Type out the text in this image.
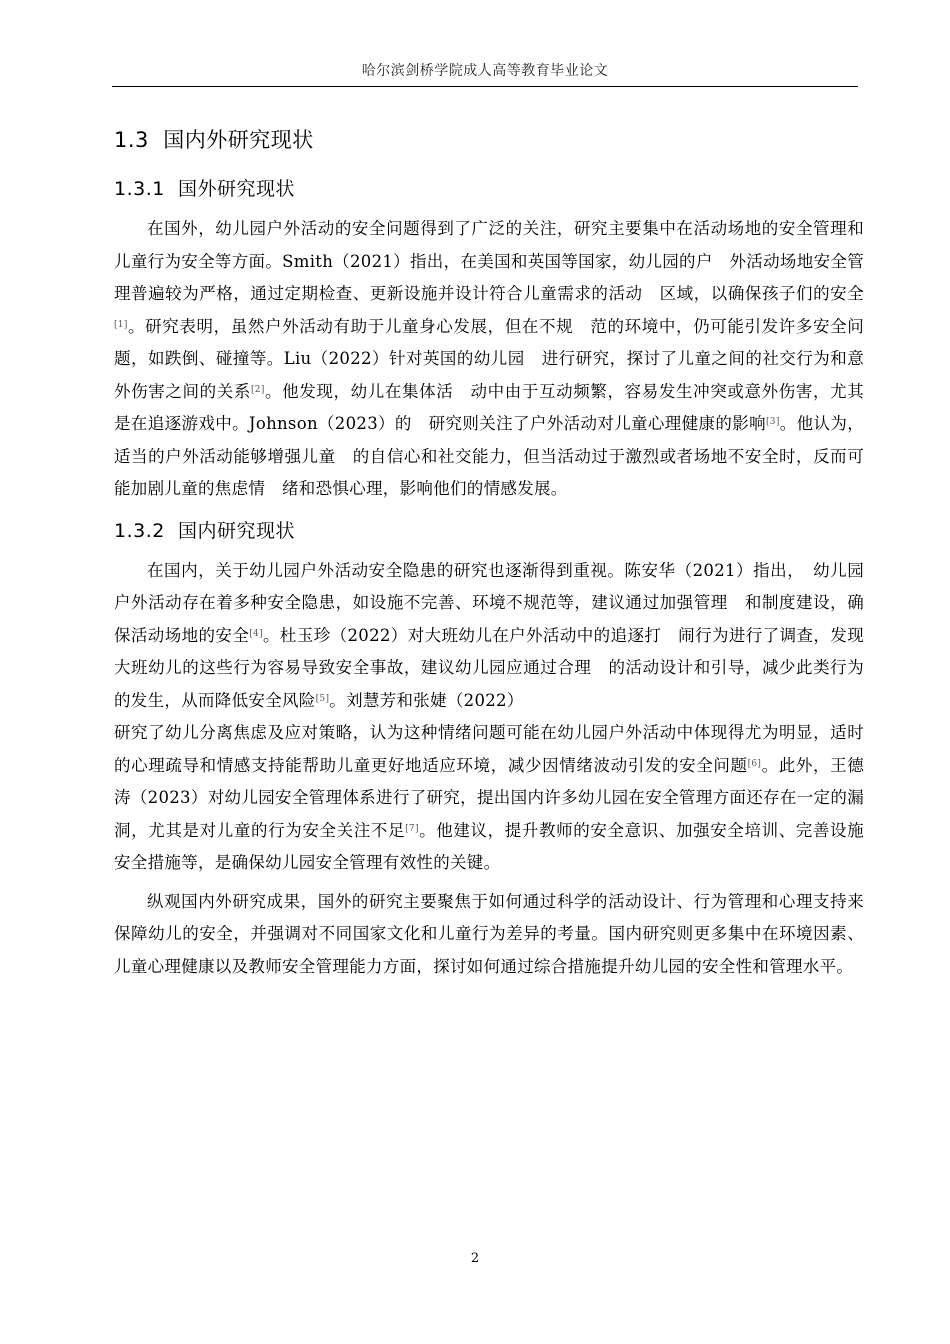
哈尔滨剑桥学院成人高等教育毕业论文
1.3 国内外研究现状
1.3.1 国外研究现状

在国外，幼儿园户外活动的安全问题得到了广泛的关注，研究主要集中在活动场地的安全管理和儿童行为安全等方面。Smith（2021）指出，在美国和英国等国家，幼儿园的户　外活动场地安全管理普遍较为严格，通过定期检查、更新设施并设计符合儿童需求的活动　区域，以确保孩子们的安全[1]。研究表明，虽然户外活动有助于儿童身心发展，但在不规　范的环境中，仍可能引发许多安全问题，如跌倒、碰撞等。Liu（2022）针对英国的幼儿园　进行研究，探讨了儿童之间的社交行为和意外伤害之间的关系[2]。他发现，幼儿在集体活　动中由于互动频繁，容易发生冲突或意外伤害，尤其是在追逐游戏中。Johnson（2023）的　研究则关注了户外活动对儿童心理健康的影响[3]。他认为，适当的户外活动能够增强儿童　的自信心和社交能力，但当活动过于激烈或者场地不安全时，反而可能加剧儿童的焦虑情　绪和恐惧心理，影响他们的情感发展。

1.3.2 国内研究现状

在国内，关于幼儿园户外活动安全隐患的研究也逐渐得到重视。陈安华（2021）指出，　幼儿园户外活动存在着多种安全隐患，如设施不完善、环境不规范等，建议通过加强管理　和制度建设，确保活动场地的安全[4]。杜玉珍（2022）对大班幼儿在户外活动中的追逐打　闹行为进行了调查，发现大班幼儿的这些行为容易导致安全事故，建议幼儿园应通过合理　的活动设计和引导，减少此类行为的发生，从而降低安全风险[5]。刘慧芳和张婕（2022）

研究了幼儿分离焦虑及应对策略，认为这种情绪问题可能在幼儿园户外活动中体现得尤为明显，适时的心理疏导和情感支持能帮助儿童更好地适应环境，减少因情绪波动引发的安全问题[6]。此外，王德涛（2023）对幼儿园安全管理体系进行了研究，提出国内许多幼儿园在安全管理方面还存在一定的漏洞，尤其是对儿童的行为安全关注不足[7]。他建议，提升教师的安全意识、加强安全培训、完善设施安全措施等，是确保幼儿园安全管理有效性的关键。

纵观国内外研究成果，国外的研究主要聚焦于如何通过科学的活动设计、行为管理和心理支持来保障幼儿的安全，并强调对不同国家文化和儿童行为差异的考量。国内研究则更多集中在环境因素、儿童心理健康以及教师安全管理能力方面，探讨如何通过综合措施提升幼儿园的安全性和管理水平。

2
